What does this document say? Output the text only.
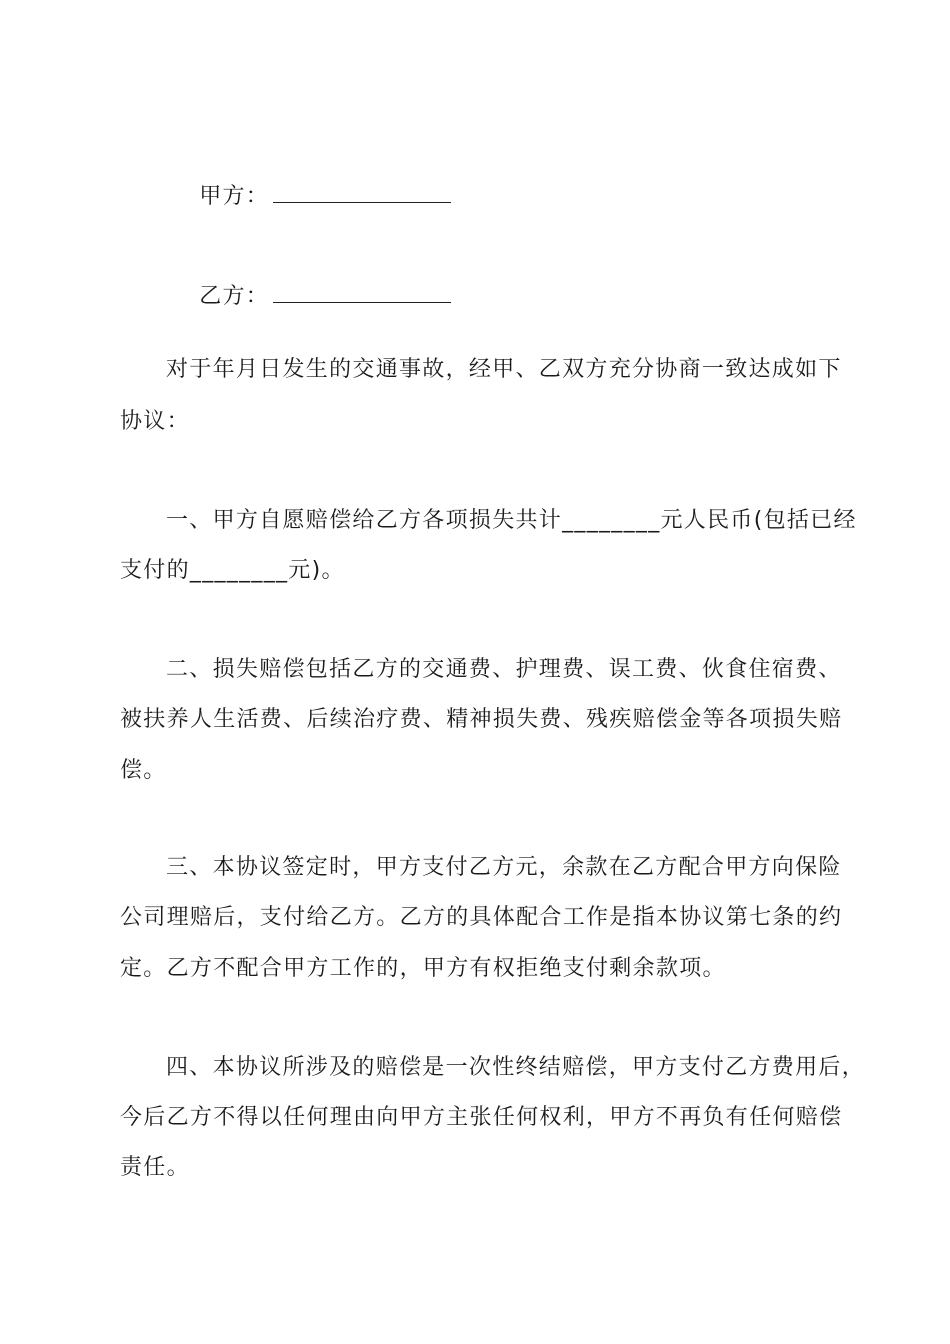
甲方：

乙方：

对于年月日发生的交通事故，经甲、乙双方充分协商一致达成如下
协议：
一、甲方自愿赔偿给乙方各项损失共计________元人民币(包括已经
支付的________元)。
二、损失赔偿包括乙方的交通费、护理费、误工费、伙食住宿费、
被扶养人生活费、后续治疗费、精神损失费、残疾赔偿金等各项损失赔
偿。
三、本协议签定时，甲方支付乙方元，余款在乙方配合甲方向保险
公司理赔后，支付给乙方。乙方的具体配合工作是指本协议第七条的约
定。乙方不配合甲方工作的，甲方有权拒绝支付剩余款项。
四、本协议所涉及的赔偿是一次性终结赔偿，甲方支付乙方费用后，
今后乙方不得以任何理由向甲方主张任何权利，甲方不再负有任何赔偿
责任。
